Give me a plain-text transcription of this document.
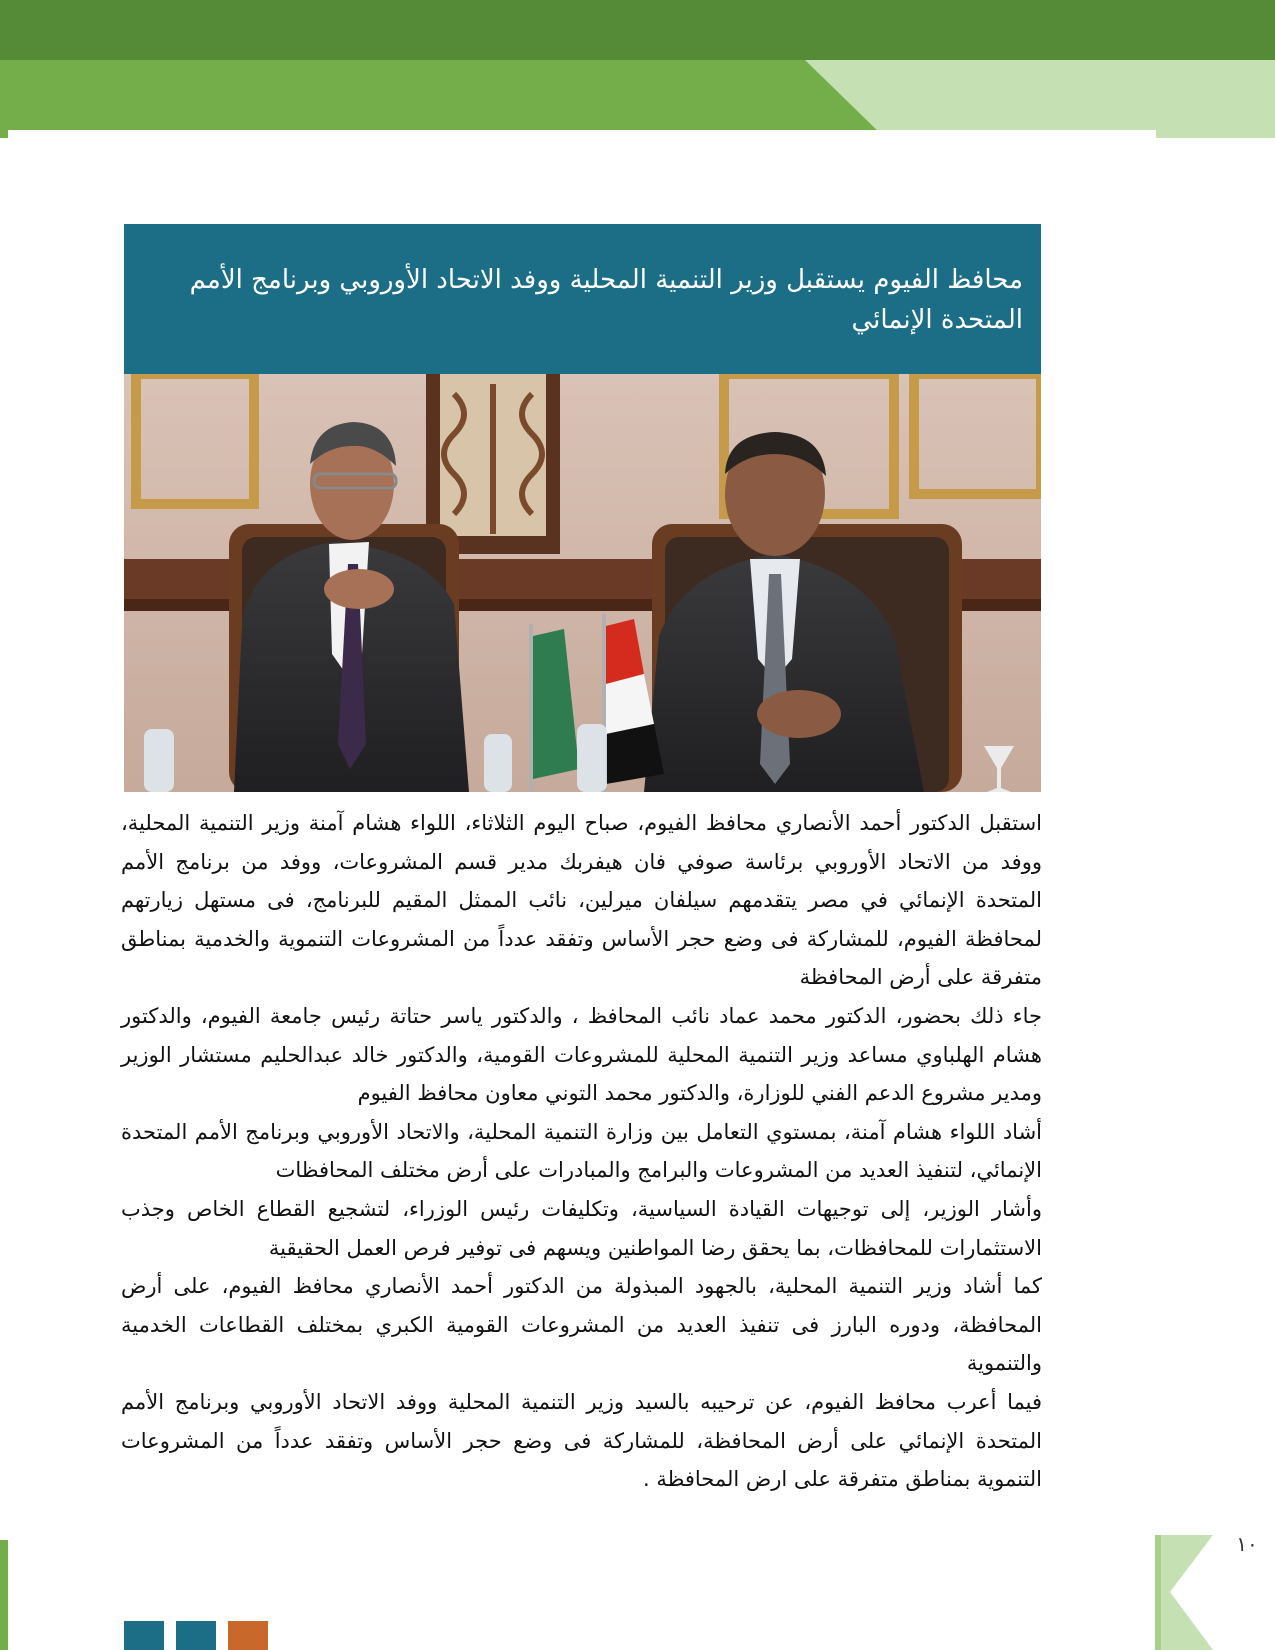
١٠
محافظ الفيوم يستقبل وزير التنمية المحلية ووفد الاتحاد الأوروبي وبرنامج الأمم المتحدة الإنمائي

استقبل الدكتور أحمد الأنصاري محافظ الفيوم، صباح اليوم الثلاثاء، اللواء هشام آمنة وزير التنمية المحلية، ووفد من الاتحاد الأوروبي برئاسة صوفي فان هيفربك مدير قسم المشروعات، ووفد من برنامج الأمم المتحدة الإنمائي في مصر يتقدمهم سيلفان ميرلين، نائب الممثل المقيم للبرنامج، فى مستهل زيارتهم لمحافظة الفيوم، للمشاركة فى وضع حجر الأساس وتفقد عدداً من المشروعات التنموية والخدمية بمناطق متفرقة على أرض المحافظة

جاء ذلك بحضور، الدكتور محمد عماد نائب المحافظ ، والدكتور ياسر حتاتة رئيس جامعة الفيوم، والدكتور هشام الهلباوي مساعد وزير التنمية المحلية للمشروعات القومية، والدكتور خالد عبدالحليم مستشار الوزير ومدير مشروع الدعم الفني للوزارة، والدكتور محمد التوني معاون محافظ الفيوم

أشاد اللواء هشام آمنة، بمستوي التعامل بين وزارة التنمية المحلية، والاتحاد الأوروبي وبرنامج الأمم المتحدة الإنمائي، لتنفيذ العديد من المشروعات والبرامج والمبادرات على أرض مختلف المحافظات

وأشار الوزير، إلى توجيهات القيادة السياسية، وتكليفات رئيس الوزراء، لتشجيع القطاع الخاص وجذب الاستثمارات للمحافظات، بما يحقق رضا المواطنين ويسهم فى توفير فرص العمل الحقيقية

كما أشاد وزير التنمية المحلية، بالجهود المبذولة من الدكتور أحمد الأنصاري محافظ الفيوم، على أرض المحافظة، ودوره البارز فى تنفيذ العديد من المشروعات القومية الكبري بمختلف القطاعات الخدمية والتنموية

فيما أعرب محافظ الفيوم، عن ترحيبه بالسيد وزير التنمية المحلية ووفد الاتحاد الأوروبي وبرنامج الأمم المتحدة الإنمائي على أرض المحافظة، للمشاركة فى وضع حجر الأساس وتفقد عدداً من المشروعات التنموية بمناطق متفرقة على ارض المحافظة .
